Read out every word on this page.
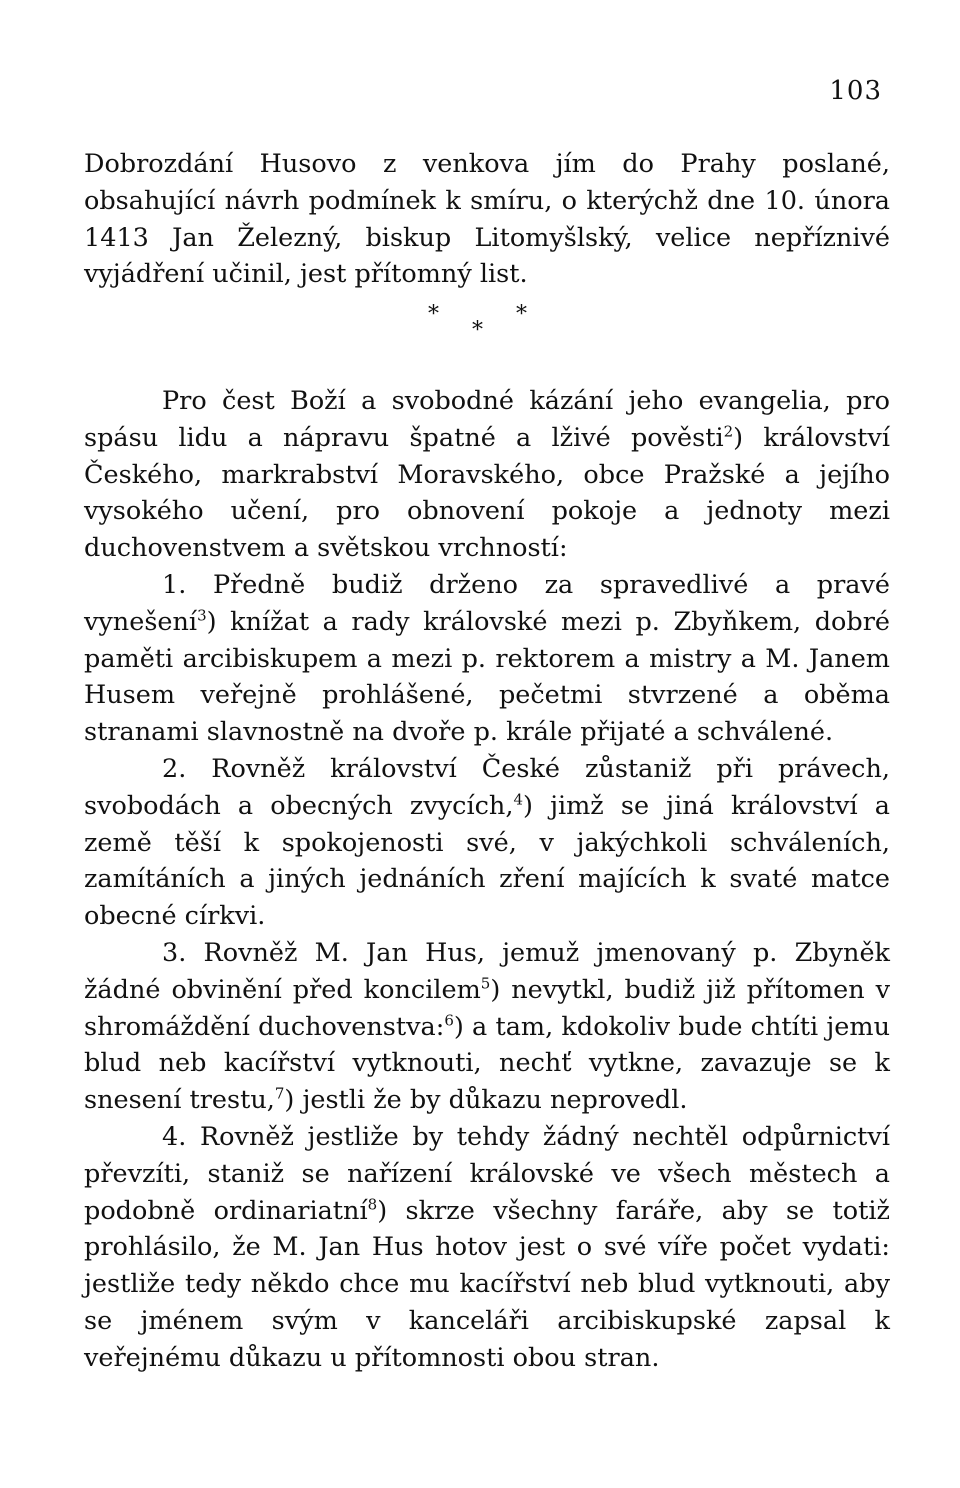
103
Dobrozdání Husovo z venkova jím do Prahy poslané, obsahující návrh podmínek k smíru, o kterýchž dne 10. února 1413 Jan Železný, biskup Litomyšlský, velice nepříznivé vyjádření učinil, jest přítomný list.
*
*
*

Pro čest Boží a svobodné kázání jeho evangelia, pro spásu lidu a nápravu špatné a lživé pověsti$^2$) království Českého, markrabství Moravského, obce Pražské a jejího vysokého učení, pro obnovení pokoje a jednoty mezi duchovenstvem a světskou vrchností:

1. Předně budiž drženo za spravedlivé a pravé vynešení$^3$) knížat a rady královské mezi p. Zbyňkem, dobré paměti arcibiskupem a mezi p. rektorem a mistry a M. Janem Husem veřejně prohlášené, pečetmi stvrzené a oběma stranami slavnostně na dvoře p. krále přijaté a schválené.

2. Rovněž království České zůstaniž při právech, svobodách a obecných zvycích,$^4$) jimž se jiná království a země těší k spokojenosti své, v jakýchkoli schváleních, zamítáních a jiných jednáních zření majících k svaté matce obecné církvi.

3. Rovněž M. Jan Hus, jemuž jmenovaný p. Zbyněk žádné obvinění před koncilem$^5$) nevytkl, budiž již přítomen v shromáždění duchovenstva:$^6$) a tam, kdokoliv bude chtíti jemu blud neb kacířství vytknouti, nechť vytkne, zavazuje se k snesení trestu,$^7$) jestli že by důkazu neprovedl.

4. Rovněž jestliže by tehdy žádný nechtěl odpůrnictví převzíti, staniž se nařízení královské ve všech městech a podobně ordinariatní$^8$) skrze všechny faráře, aby se totiž prohlásilo, že M. Jan Hus hotov jest o své víře počet vydati: jestliže tedy někdo chce mu kacířství neb blud vytknouti, aby se jménem svým v kanceláři arcibiskupské zapsal k veřejnému důkazu u přítomnosti obou stran.
